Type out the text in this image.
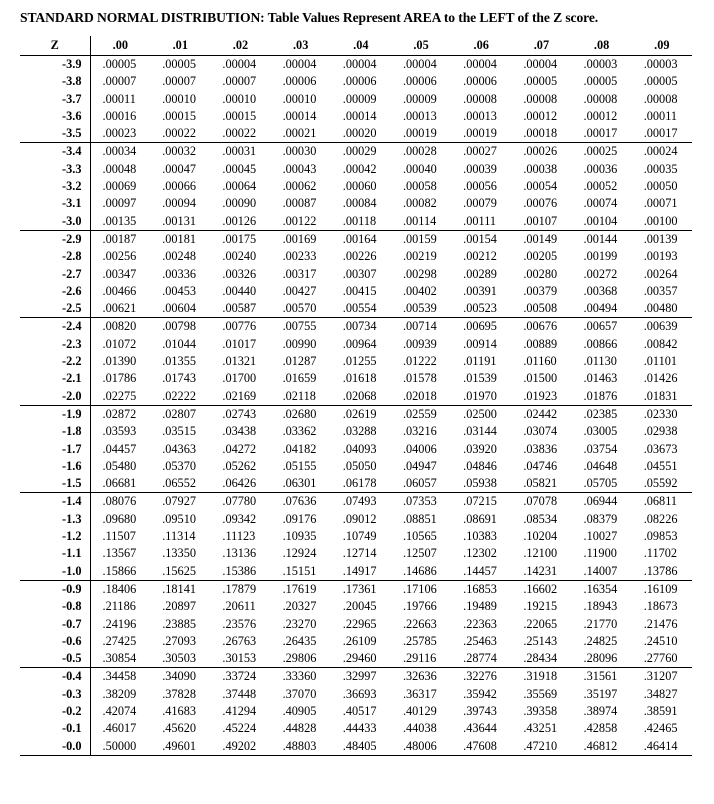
STANDARD NORMAL DISTRIBUTION: Table Values Represent AREA to the LEFT of the Z score.
Z	.00	.01	.02	.03	.04	.05	.06	.07	.08	.09
-3.9	.00005	.00005	.00004	.00004	.00004	.00004	.00004	.00004	.00003	.00003
-3.8	.00007	.00007	.00007	.00006	.00006	.00006	.00006	.00005	.00005	.00005
-3.7	.00011	.00010	.00010	.00010	.00009	.00009	.00008	.00008	.00008	.00008
-3.6	.00016	.00015	.00015	.00014	.00014	.00013	.00013	.00012	.00012	.00011
-3.5	.00023	.00022	.00022	.00021	.00020	.00019	.00019	.00018	.00017	.00017
-3.4	.00034	.00032	.00031	.00030	.00029	.00028	.00027	.00026	.00025	.00024
-3.3	.00048	.00047	.00045	.00043	.00042	.00040	.00039	.00038	.00036	.00035
-3.2	.00069	.00066	.00064	.00062	.00060	.00058	.00056	.00054	.00052	.00050
-3.1	.00097	.00094	.00090	.00087	.00084	.00082	.00079	.00076	.00074	.00071
-3.0	.00135	.00131	.00126	.00122	.00118	.00114	.00111	.00107	.00104	.00100
-2.9	.00187	.00181	.00175	.00169	.00164	.00159	.00154	.00149	.00144	.00139
-2.8	.00256	.00248	.00240	.00233	.00226	.00219	.00212	.00205	.00199	.00193
-2.7	.00347	.00336	.00326	.00317	.00307	.00298	.00289	.00280	.00272	.00264
-2.6	.00466	.00453	.00440	.00427	.00415	.00402	.00391	.00379	.00368	.00357
-2.5	.00621	.00604	.00587	.00570	.00554	.00539	.00523	.00508	.00494	.00480
-2.4	.00820	.00798	.00776	.00755	.00734	.00714	.00695	.00676	.00657	.00639
-2.3	.01072	.01044	.01017	.00990	.00964	.00939	.00914	.00889	.00866	.00842
-2.2	.01390	.01355	.01321	.01287	.01255	.01222	.01191	.01160	.01130	.01101
-2.1	.01786	.01743	.01700	.01659	.01618	.01578	.01539	.01500	.01463	.01426
-2.0	.02275	.02222	.02169	.02118	.02068	.02018	.01970	.01923	.01876	.01831
-1.9	.02872	.02807	.02743	.02680	.02619	.02559	.02500	.02442	.02385	.02330
-1.8	.03593	.03515	.03438	.03362	.03288	.03216	.03144	.03074	.03005	.02938
-1.7	.04457	.04363	.04272	.04182	.04093	.04006	.03920	.03836	.03754	.03673
-1.6	.05480	.05370	.05262	.05155	.05050	.04947	.04846	.04746	.04648	.04551
-1.5	.06681	.06552	.06426	.06301	.06178	.06057	.05938	.05821	.05705	.05592
-1.4	.08076	.07927	.07780	.07636	.07493	.07353	.07215	.07078	.06944	.06811
-1.3	.09680	.09510	.09342	.09176	.09012	.08851	.08691	.08534	.08379	.08226
-1.2	.11507	.11314	.11123	.10935	.10749	.10565	.10383	.10204	.10027	.09853
-1.1	.13567	.13350	.13136	.12924	.12714	.12507	.12302	.12100	.11900	.11702
-1.0	.15866	.15625	.15386	.15151	.14917	.14686	.14457	.14231	.14007	.13786
-0.9	.18406	.18141	.17879	.17619	.17361	.17106	.16853	.16602	.16354	.16109
-0.8	.21186	.20897	.20611	.20327	.20045	.19766	.19489	.19215	.18943	.18673
-0.7	.24196	.23885	.23576	.23270	.22965	.22663	.22363	.22065	.21770	.21476
-0.6	.27425	.27093	.26763	.26435	.26109	.25785	.25463	.25143	.24825	.24510
-0.5	.30854	.30503	.30153	.29806	.29460	.29116	.28774	.28434	.28096	.27760
-0.4	.34458	.34090	.33724	.33360	.32997	.32636	.32276	.31918	.31561	.31207
-0.3	.38209	.37828	.37448	.37070	.36693	.36317	.35942	.35569	.35197	.34827
-0.2	.42074	.41683	.41294	.40905	.40517	.40129	.39743	.39358	.38974	.38591
-0.1	.46017	.45620	.45224	.44828	.44433	.44038	.43644	.43251	.42858	.42465
-0.0	.50000	.49601	.49202	.48803	.48405	.48006	.47608	.47210	.46812	.46414
